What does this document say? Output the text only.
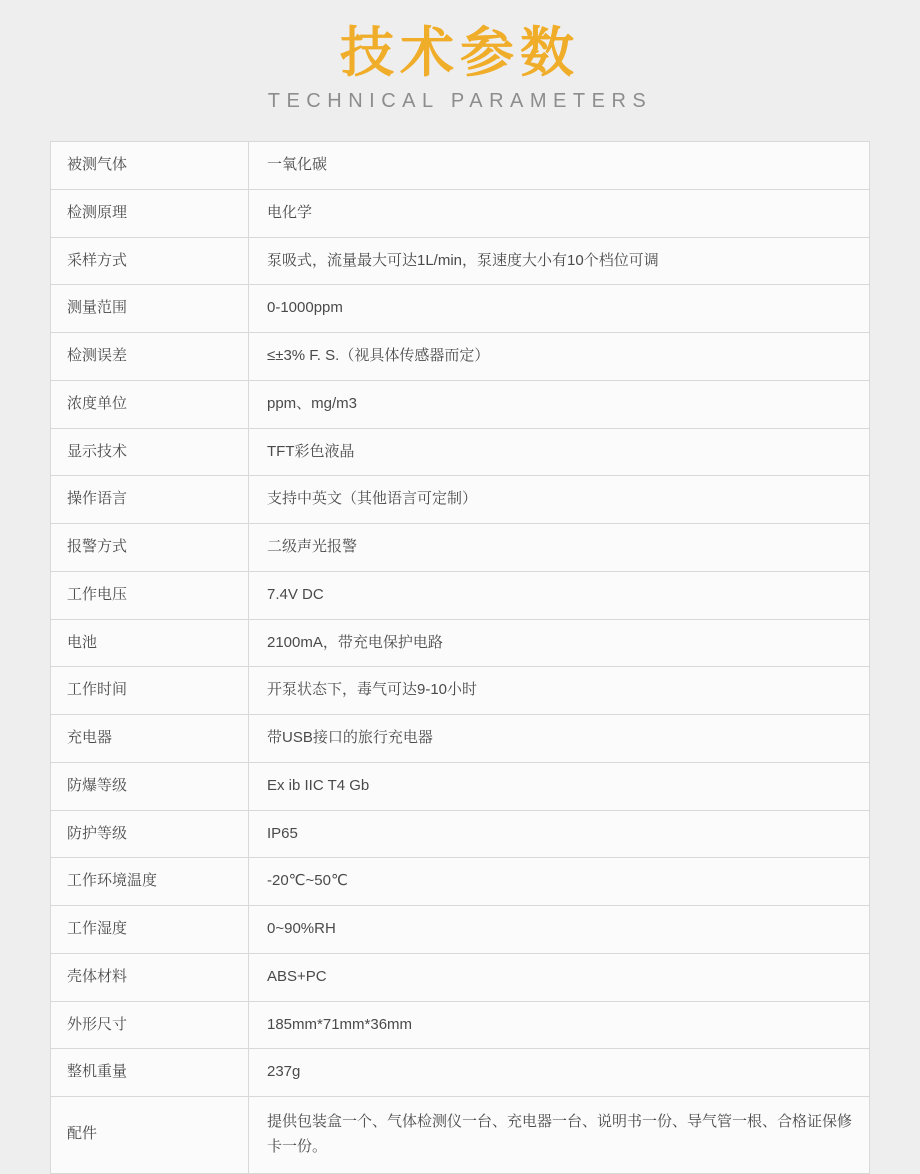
技术参数
TECHNICAL PARAMETERS
被测气体	一氧化碳
检测原理	电化学
采样方式	泵吸式，流量最大可达1L/min，泵速度大小有10个档位可调
测量范围	0-1000ppm
检测误差	≤±3% F. S.（视具体传感器而定）
浓度单位	ppm、mg/m3
显示技术	TFT彩色液晶
操作语言	支持中英文（其他语言可定制）
报警方式	二级声光报警
工作电压	7.4V DC
电池	2100mA，带充电保护电路
工作时间	开泵状态下，毒气可达9-10小时
充电器	带USB接口的旅行充电器
防爆等级	Ex ib IIC T4 Gb
防护等级	IP65
工作环境温度	-20℃~50℃
工作湿度	0~90%RH
壳体材料	ABS+PC
外形尺寸	185mm*71mm*36mm
整机重量	237g
配件	提供包装盒一个、气体检测仪一台、充电器一台、说明书一份、导气管一根、合格证保修卡一份。
